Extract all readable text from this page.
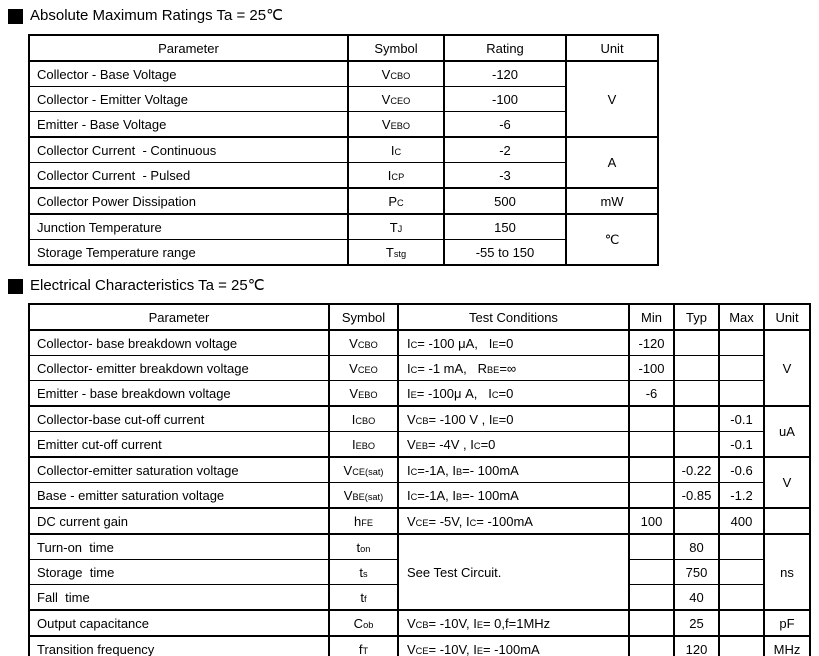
Absolute Maximum Ratings Ta = 25℃
Parameter	Symbol	Rating	Unit
Collector - Base Voltage	VCBO	-120	V
Collector - Emitter Voltage	VCEO	-100	
Emitter - Base Voltage	VEBO	-6	
Collector Current  - Continuous	IC	-2	A
Collector Current  - Pulsed	ICP	-3	
Collector Power Dissipation	PC	500	mW
Junction Temperature	TJ	150	℃
Storage Temperature range	Tstg	-55 to 150	
Electrical Characteristics Ta = 25℃
Parameter	Symbol	Test Conditions	Min	Typ	Max	Unit
Collector- base breakdown voltage	VCBO	IC= -100 μA,   IE=0	-120			V
Collector- emitter breakdown voltage	VCEO	IC= -1 mA,   RBE=∞	-100			
Emitter - base breakdown voltage	VEBO	IE= -100μ A,   IC=0	-6			
Collector-base cut-off current	ICBO	VCB= -100 V , IE=0			-0.1	uA
Emitter cut-off current	IEBO	VEB= -4V , IC=0			-0.1	
Collector-emitter saturation voltage	VCE(sat)	IC=-1A, IB=- 100mA		-0.22	-0.6	V
Base - emitter saturation voltage	VBE(sat)	IC=-1A, IB=- 100mA		-0.85	-1.2	
DC current gain	hFE	VCE= -5V, IC= -100mA	100		400	
Turn-on  time	ton	See Test Circuit.		80		ns
Storage  time	ts			750		
Fall  time	tf			40		
Output capacitance	Cob	VCB= -10V, IE= 0,f=1MHz		25		pF
Transition frequency	fT	VCE= -10V, IE= -100mA		120		MHz
